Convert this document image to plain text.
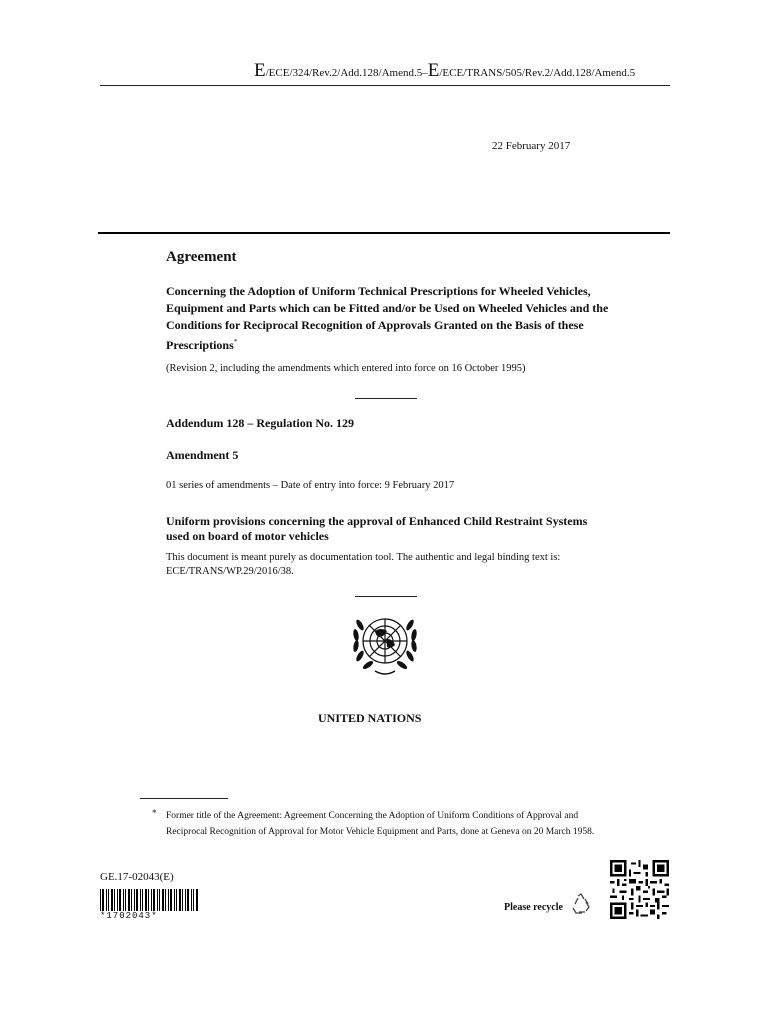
E/ECE/324/Rev.2/Add.128/Amend.5–E/ECE/TRANS/505/Rev.2/Add.128/Amend.5
22 February 2017
Agreement
Concerning the Adoption of Uniform Technical Prescriptions for Wheeled Vehicles, Equipment and Parts which can be Fitted and/or be Used on Wheeled Vehicles and the Conditions for Reciprocal Recognition of Approvals Granted on the Basis of these Prescriptions*
(Revision 2, including the amendments which entered into force on 16 October 1995)
Addendum 128 – Regulation No. 129
Amendment 5
01 series of amendments – Date of entry into force: 9 February 2017
Uniform provisions concerning the approval of Enhanced Child Restraint Systems used on board of motor vehicles
This document is meant purely as documentation tool. The authentic and legal binding text is: ECE/TRANS/WP.29/2016/38.
UNITED NATIONS
* Former title of the Agreement: Agreement Concerning the Adoption of Uniform Conditions of Approval and Reciprocal Recognition of Approval for Motor Vehicle Equipment and Parts, done at Geneva on 20 March 1958.
GE.17-02043(E)
*1702043*
Please recycle
